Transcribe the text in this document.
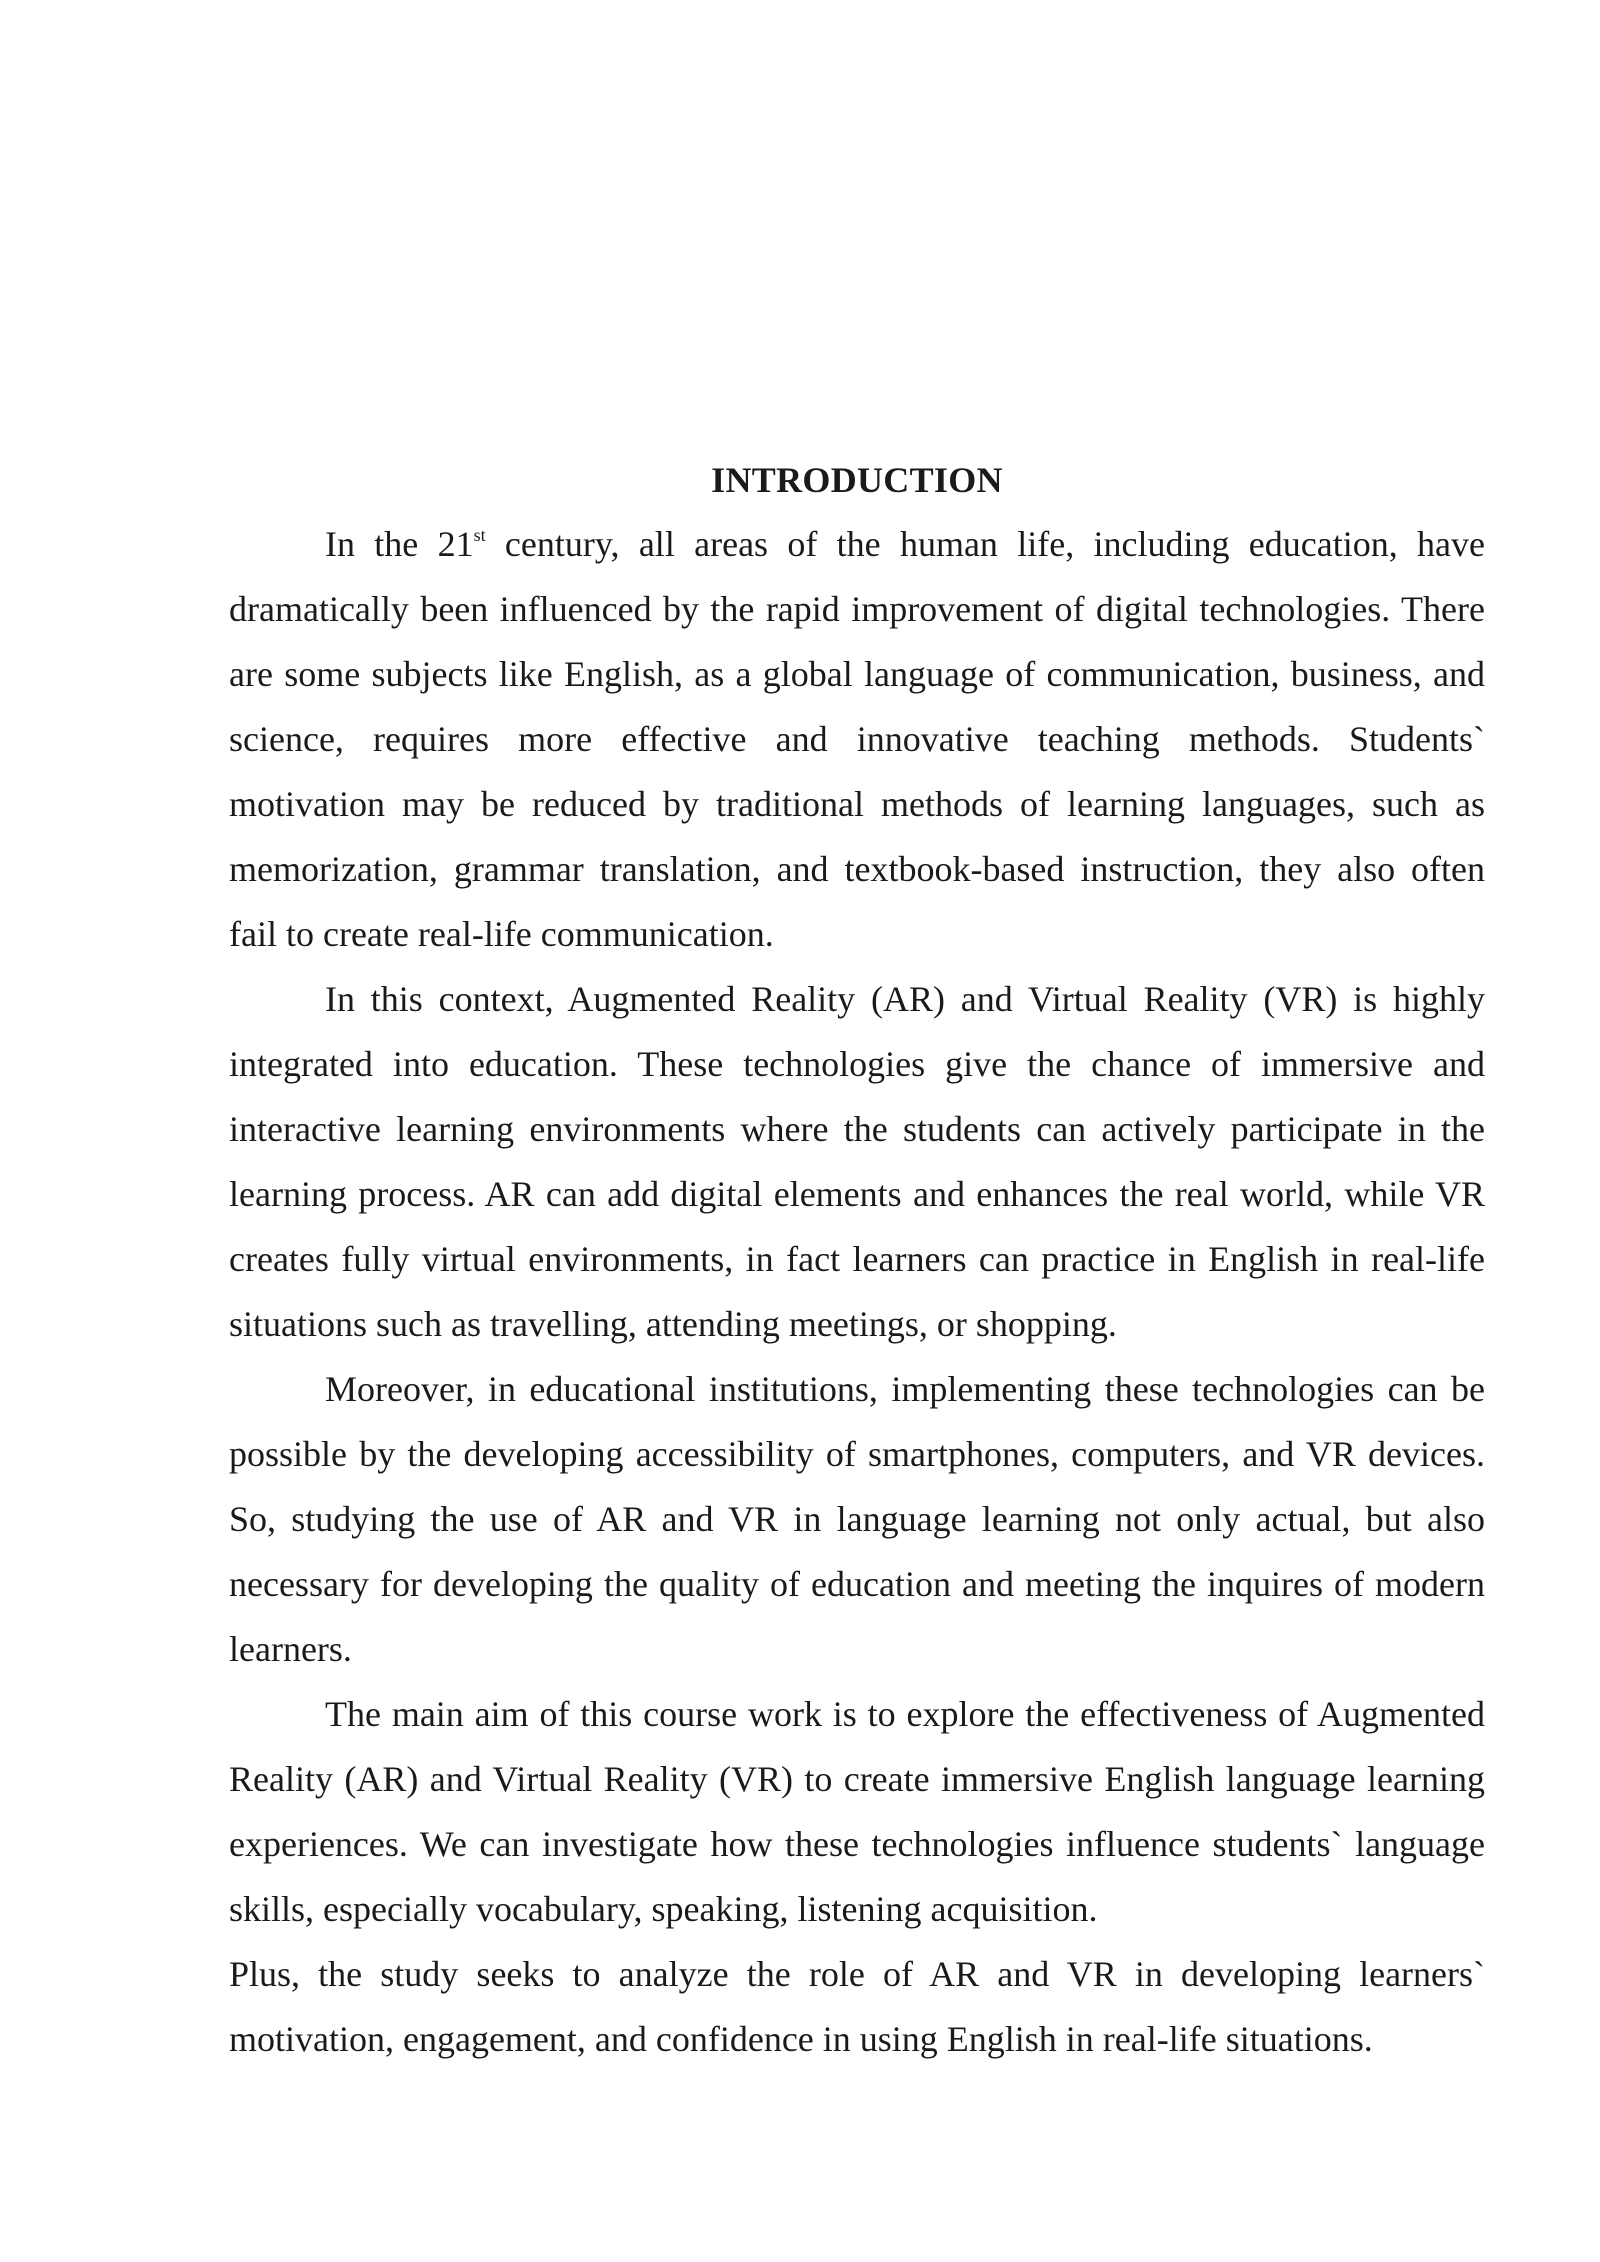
INTRODUCTION

In the 21st century, all areas of the human life, including education, have dramatically been influenced by the rapid improvement of digital technologies. There are some subjects like English, as a global language of communication, business, and science, requires more effective and innovative teaching methods. Students` motivation may be reduced by traditional methods of learning languages, such as memorization, grammar translation, and textbook-based instruction, they also often fail to create real-life communication.

In this context, Augmented Reality (AR) and Virtual Reality (VR) is highly integrated into education. These technologies give the chance of immersive and interactive learning environments where the students can actively participate in the learning process. AR can add digital elements and enhances the real world, while VR creates fully virtual environments, in fact learners can practice in English in real-life situations such as travelling, attending meetings, or shopping.

Moreover, in educational institutions, implementing these technologies can be possible by the developing accessibility of smartphones, computers, and VR devices. So, studying the use of AR and VR in language learning not only actual, but also necessary for developing the quality of education and meeting the inquires of modern learners.

The main aim of this course work is to explore the effectiveness of Augmented Reality (AR) and Virtual Reality (VR) to create immersive English language learning experiences. We can investigate how these technologies influence students` language skills, especially vocabulary, speaking, listening acquisition.

Plus, the study seeks to analyze the role of AR and VR in developing learners` motivation, engagement, and confidence in using English in real-life situations.
